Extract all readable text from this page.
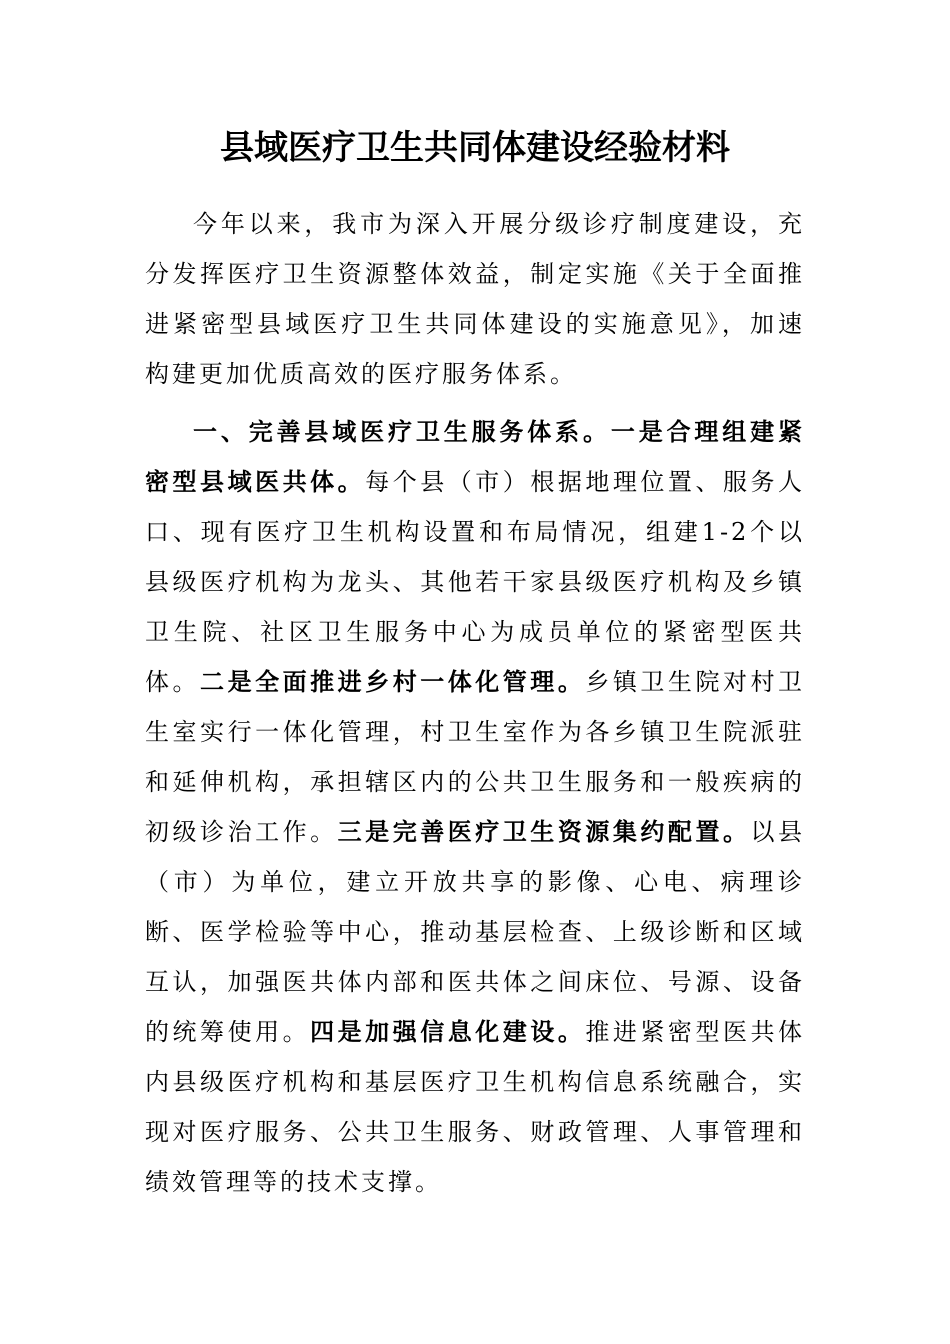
县域医疗卫生共同体建设经验材料

今年以来，我市为深入开展分级诊疗制度建设，充分发挥医疗卫生资源整体效益，制定实施《关于全面推进紧密型县域医疗卫生共同体建设的实施意见》，加速构建更加优质高效的医疗服务体系。

一、完善县域医疗卫生服务体系。一是合理组建紧密型县域医共体。每个县（市）根据地理位置、服务人口、现有医疗卫生机构设置和布局情况，组建1-2个以县级医疗机构为龙头、其他若干家县级医疗机构及乡镇卫生院、社区卫生服务中心为成员单位的紧密型医共体。二是全面推进乡村一体化管理。乡镇卫生院对村卫生室实行一体化管理，村卫生室作为各乡镇卫生院派驻和延伸机构，承担辖区内的公共卫生服务和一般疾病的初级诊治工作。三是完善医疗卫生资源集约配置。以县（市）为单位，建立开放共享的影像、心电、病理诊断、医学检验等中心，推动基层检查、上级诊断和区域互认，加强医共体内部和医共体之间床位、号源、设备的统筹使用。四是加强信息化建设。推进紧密型医共体内县级医疗机构和基层医疗卫生机构信息系统融合，实现对医疗服务、公共卫生服务、财政管理、人事管理和绩效管理等的技术支撑。
